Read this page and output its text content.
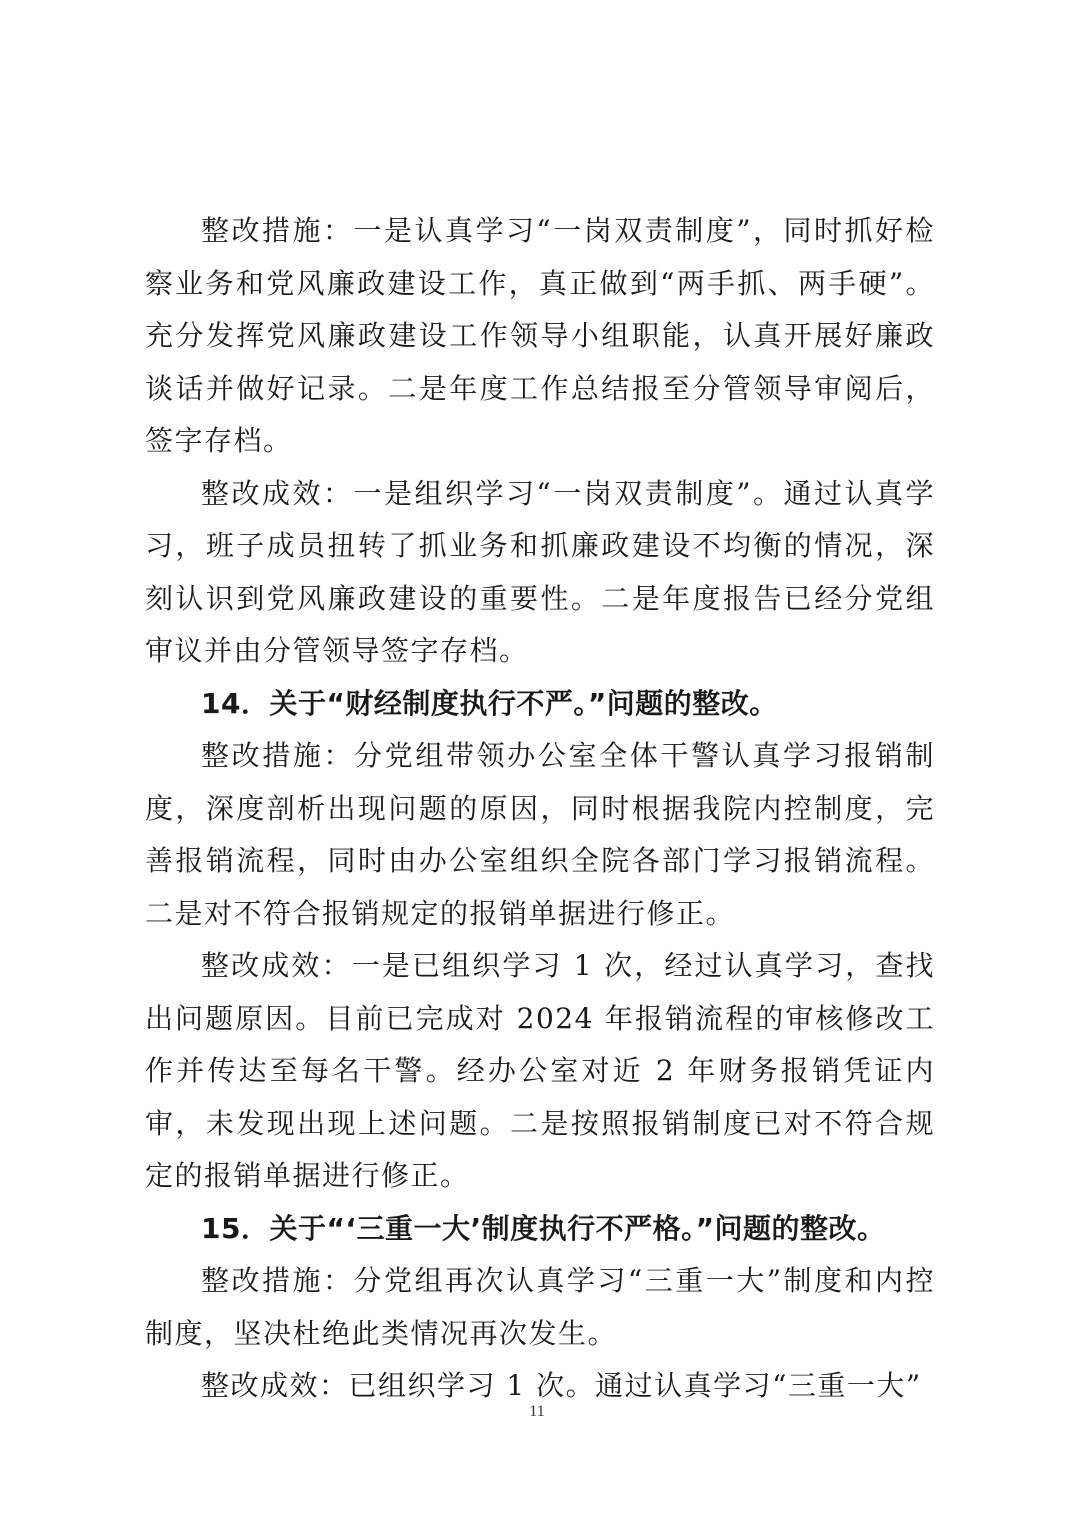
整改措施：一是认真学习“一岗双责制度”，同时抓好检察业务和党风廉政建设工作，真正做到“两手抓、两手硬”。充分发挥党风廉政建设工作领导小组职能，认真开展好廉政谈话并做好记录。二是年度工作总结报至分管领导审阅后，签字存档。

整改成效：一是组织学习“一岗双责制度”。通过认真学习，班子成员扭转了抓业务和抓廉政建设不均衡的情况，深刻认识到党风廉政建设的重要性。二是年度报告已经分党组审议并由分管领导签字存档。

14．关于“财经制度执行不严。”问题的整改。

整改措施：分党组带领办公室全体干警认真学习报销制度，深度剖析出现问题的原因，同时根据我院内控制度，完善报销流程，同时由办公室组织全院各部门学习报销流程。二是对不符合报销规定的报销单据进行修正。

整改成效：一是已组织学习 1 次，经过认真学习，查找出问题原因。目前已完成对 2024 年报销流程的审核修改工作并传达至每名干警。经办公室对近 2 年财务报销凭证内审，未发现出现上述问题。二是按照报销制度已对不符合规定的报销单据进行修正。

15．关于“‘三重一大’制度执行不严格。”问题的整改。

整改措施：分党组再次认真学习“三重一大”制度和内控制度，坚决杜绝此类情况再次发生。

整改成效：已组织学习 1 次。通过认真学习“三重一大”

11
